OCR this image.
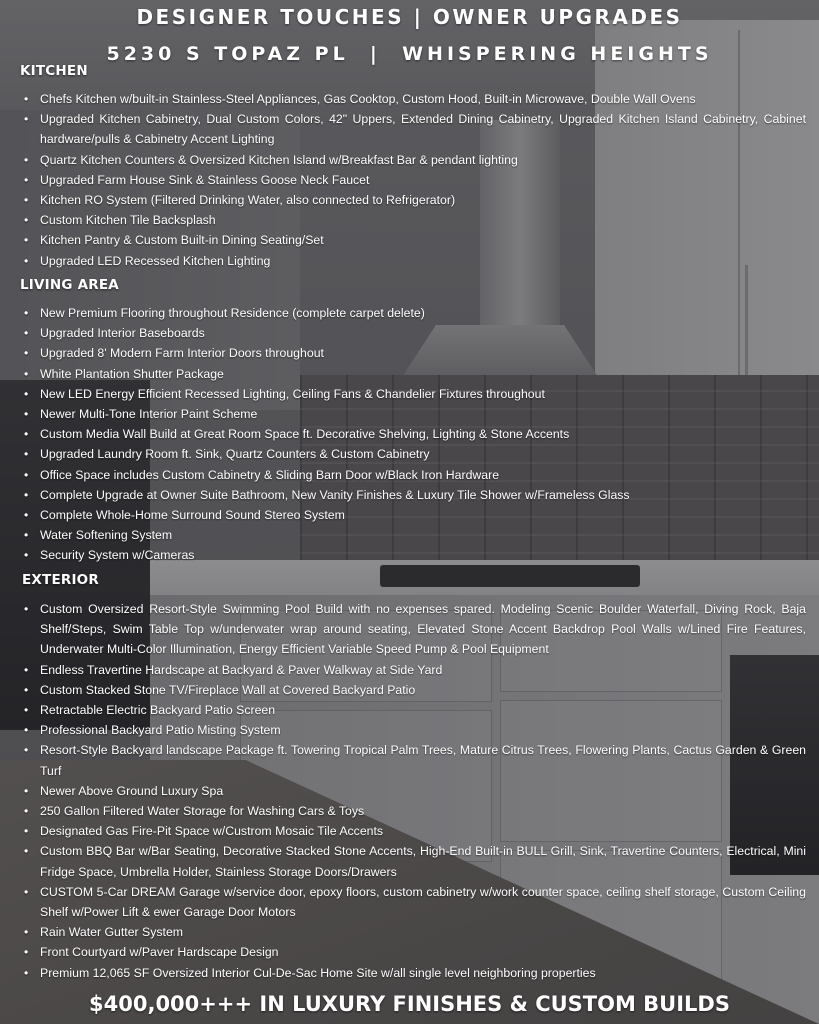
DESIGNER TOUCHES | OWNER UPGRADES
5230 S TOPAZ PL  |  WHISPERING HEIGHTS
KITCHEN
• Chefs Kitchen w/built-in Stainless-Steel Appliances, Gas Cooktop, Custom Hood, Built-in Microwave, Double Wall Ovens
• Upgraded Kitchen Cabinetry, Dual Custom Colors, 42" Uppers, Extended Dining Cabinetry, Upgraded Kitchen Island Cabinetry, Cabinet hardware/pulls & Cabinetry Accent Lighting
• Quartz Kitchen Counters & Oversized Kitchen Island w/Breakfast Bar & pendant lighting
• Upgraded Farm House Sink & Stainless Goose Neck Faucet
• Kitchen RO System (Filtered Drinking Water, also connected to Refrigerator)
• Custom Kitchen Tile Backsplash
• Kitchen Pantry & Custom Built-in Dining Seating/Set
• Upgraded LED Recessed Kitchen Lighting
LIVING AREA
• New Premium Flooring throughout Residence (complete carpet delete)
• Upgraded Interior Baseboards
• Upgraded 8' Modern Farm Interior Doors throughout
• White Plantation Shutter Package
• New LED Energy Efficient Recessed Lighting, Ceiling Fans & Chandelier Fixtures throughout
• Newer Multi-Tone Interior Paint Scheme
• Custom Media Wall Build at Great Room Space ft. Decorative Shelving, Lighting & Stone Accents
• Upgraded Laundry Room ft. Sink, Quartz Counters & Custom Cabinetry
• Office Space includes Custom Cabinetry & Sliding Barn Door w/Black Iron Hardware
• Complete Upgrade at Owner Suite Bathroom, New Vanity Finishes & Luxury Tile Shower w/Frameless Glass
• Complete Whole-Home Surround Sound Stereo System
• Water Softening System
• Security System w/Cameras
EXTERIOR
• Custom Oversized Resort-Style Swimming Pool Build with no expenses spared. Modeling Scenic Boulder Waterfall, Diving Rock, Baja Shelf/Steps, Swim Table Top w/underwater wrap around seating, Elevated Stone Accent Backdrop Pool Walls w/Lined Fire Features, Underwater Multi-Color Illumination, Energy Efficient Variable Speed Pump & Pool Equipment
• Endless Travertine Hardscape at Backyard & Paver Walkway at Side Yard
• Custom Stacked Stone TV/Fireplace Wall at Covered Backyard Patio
• Retractable Electric Backyard Patio Screen
• Professional Backyard Patio Misting System
• Resort-Style Backyard landscape Package ft. Towering Tropical Palm Trees, Mature Citrus Trees, Flowering Plants, Cactus Garden & Green Turf
• Newer Above Ground Luxury Spa
• 250 Gallon Filtered Water Storage for Washing Cars & Toys
• Designated Gas Fire-Pit Space w/Custrom Mosaic Tile Accents
• Custom BBQ Bar w/Bar Seating, Decorative Stacked Stone Accents, High-End Built-in BULL Grill, Sink, Travertine Counters, Electrical, Mini Fridge Space, Umbrella Holder, Stainless Storage Doors/Drawers
• CUSTOM 5-Car DREAM Garage w/service door, epoxy floors, custom cabinetry w/work counter space, ceiling shelf storage, Custom Ceiling Shelf w/Power Lift & ewer Garage Door Motors
• Rain Water Gutter System
• Front Courtyard w/Paver Hardscape Design
• Premium 12,065 SF Oversized Interior Cul-De-Sac Home Site w/all single level neighboring properties
$400,000+++ IN LUXURY FINISHES & CUSTOM BUILDS
